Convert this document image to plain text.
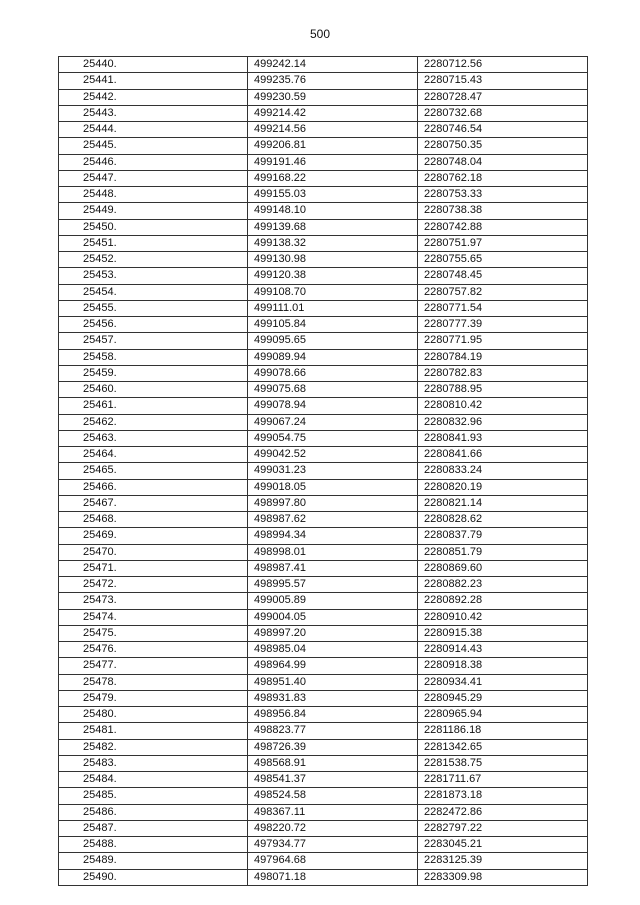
500
25440.	499242.14	2280712.56
25441.	499235.76	2280715.43
25442.	499230.59	2280728.47
25443.	499214.42	2280732.68
25444.	499214.56	2280746.54
25445.	499206.81	2280750.35
25446.	499191.46	2280748.04
25447.	499168.22	2280762.18
25448.	499155.03	2280753.33
25449.	499148.10	2280738.38
25450.	499139.68	2280742.88
25451.	499138.32	2280751.97
25452.	499130.98	2280755.65
25453.	499120.38	2280748.45
25454.	499108.70	2280757.82
25455.	499111.01	2280771.54
25456.	499105.84	2280777.39
25457.	499095.65	2280771.95
25458.	499089.94	2280784.19
25459.	499078.66	2280782.83
25460.	499075.68	2280788.95
25461.	499078.94	2280810.42
25462.	499067.24	2280832.96
25463.	499054.75	2280841.93
25464.	499042.52	2280841.66
25465.	499031.23	2280833.24
25466.	499018.05	2280820.19
25467.	498997.80	2280821.14
25468.	498987.62	2280828.62
25469.	498994.34	2280837.79
25470.	498998.01	2280851.79
25471.	498987.41	2280869.60
25472.	498995.57	2280882.23
25473.	499005.89	2280892.28
25474.	499004.05	2280910.42
25475.	498997.20	2280915.38
25476.	498985.04	2280914.43
25477.	498964.99	2280918.38
25478.	498951.40	2280934.41
25479.	498931.83	2280945.29
25480.	498956.84	2280965.94
25481.	498823.77	2281186.18
25482.	498726.39	2281342.65
25483.	498568.91	2281538.75
25484.	498541.37	2281711.67
25485.	498524.58	2281873.18
25486.	498367.11	2282472.86
25487.	498220.72	2282797.22
25488.	497934.77	2283045.21
25489.	497964.68	2283125.39
25490.	498071.18	2283309.98
